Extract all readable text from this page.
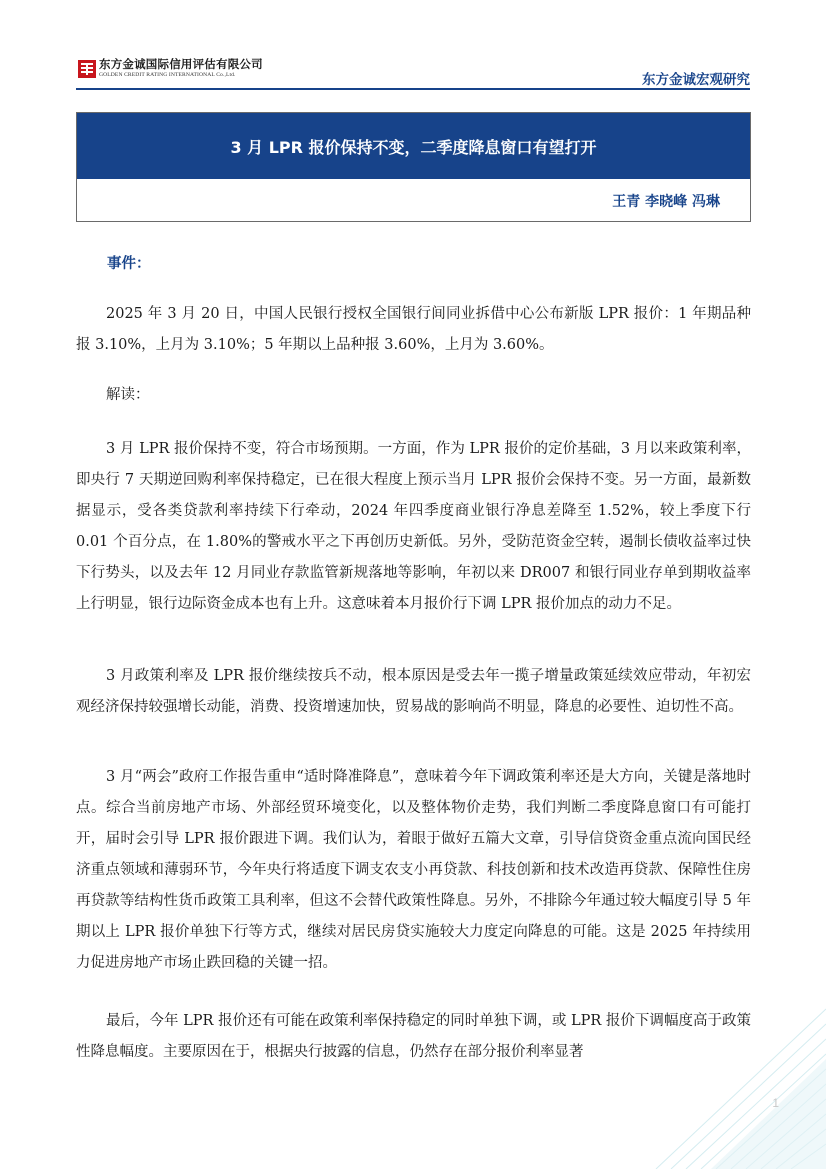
东方金诚国际信用评估有限公司
GOLDEN CREDIT RATING INTERNATIONAL Co.,Ltd.	东方金诚宏观研究
3 月 LPR 报价保持不变，二季度降息窗口有望打开
王青 李晓峰 冯琳
事件：

2025 年 3 月 20 日，中国人民银行授权全国银行间同业拆借中心公布新版 LPR 报价：1 年期品种报 3.10%，上月为 3.10%；5 年期以上品种报 3.60%，上月为 3.60%。

解读：

3 月 LPR 报价保持不变，符合市场预期。一方面，作为 LPR 报价的定价基础，3 月以来政策利率，即央行 7 天期逆回购利率保持稳定，已在很大程度上预示当月 LPR 报价会保持不变。另一方面，最新数据显示，受各类贷款利率持续下行牵动，2024 年四季度商业银行净息差降至 1.52%，较上季度下行 0.01 个百分点，在 1.80%的警戒水平之下再创历史新低。另外，受防范资金空转，遏制长债收益率过快下行势头，以及去年 12 月同业存款监管新规落地等影响，年初以来 DR007 和银行同业存单到期收益率上行明显，银行边际资金成本也有上升。这意味着本月报价行下调 LPR 报价加点的动力不足。

3 月政策利率及 LPR 报价继续按兵不动，根本原因是受去年一揽子增量政策延续效应带动，年初宏观经济保持较强增长动能，消费、投资增速加快，贸易战的影响尚不明显，降息的必要性、迫切性不高。

3 月“两会”政府工作报告重申“适时降准降息”，意味着今年下调政策利率还是大方向，关键是落地时点。综合当前房地产市场、外部经贸环境变化，以及整体物价走势，我们判断二季度降息窗口有可能打开，届时会引导 LPR 报价跟进下调。我们认为，着眼于做好五篇大文章，引导信贷资金重点流向国民经济重点领域和薄弱环节，今年央行将适度下调支农支小再贷款、科技创新和技术改造再贷款、保障性住房再贷款等结构性货币政策工具利率，但这不会替代政策性降息。另外，不排除今年通过较大幅度引导 5 年期以上 LPR 报价单独下行等方式，继续对居民房贷实施较大力度定向降息的可能。这是 2025 年持续用力促进房地产市场止跌回稳的关键一招。

最后，今年 LPR 报价还有可能在政策利率保持稳定的同时单独下调，或 LPR 报价下调幅度高于政策性降息幅度。主要原因在于，根据央行披露的信息，仍然存在部分报价利率显著

1
